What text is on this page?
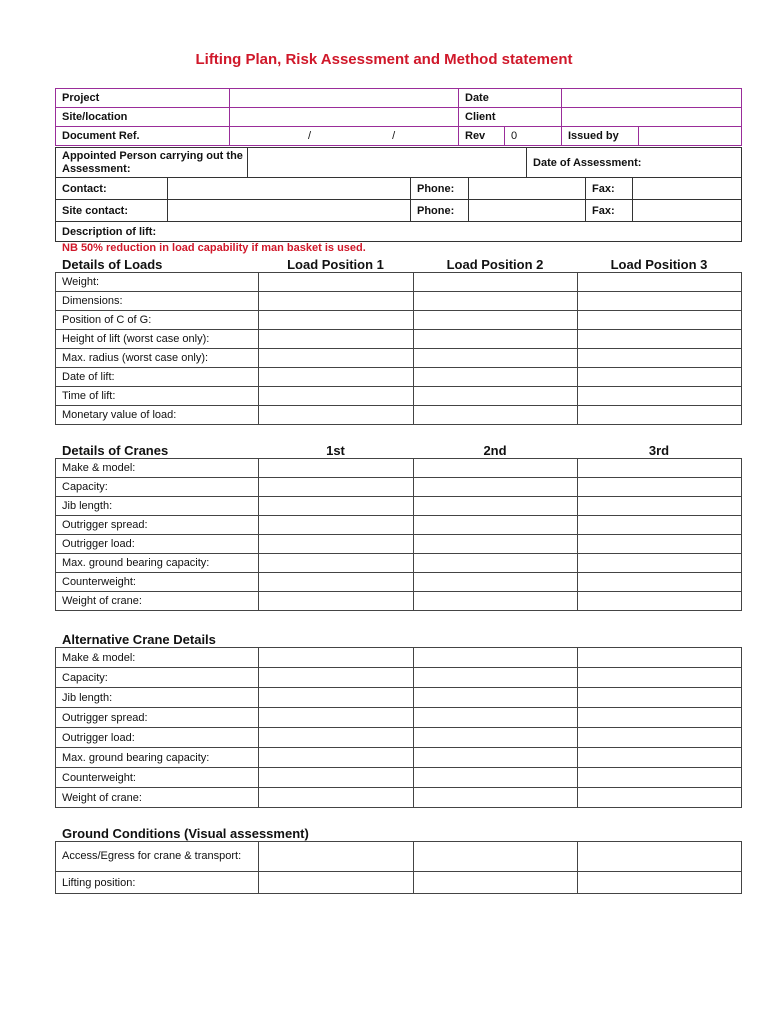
Lifting Plan, Risk Assessment and Method statement
Project		Date			
Site/location		Client			
Document Ref.	/ /	Rev	0	Issued by	
Appointed Person carrying out the Assessment:					Date of Assessment:		
Contact:			Phone:			Fax:	
Site contact:			Phone:			Fax:	
Description of lift:							
NB 50% reduction in load capability if man basket is used.
Details of Loads	Load Position 1	Load Position 2	Load Position 3
Weight:			
Dimensions:			
Position of C of G:			
Height of lift (worst case only):			
Max. radius (worst case only):			
Date of lift:			
Time of lift:			
Monetary value of load:			
Details of Cranes	1st	2nd	3rd
Make & model:			
Capacity:			
Jib length:			
Outrigger spread:			
Outrigger load:			
Max. ground bearing capacity:			
Counterweight:			
Weight of crane:			
Alternative Crane Details
Make & model:			
Capacity:			
Jib length:			
Outrigger spread:			
Outrigger load:			
Max. ground bearing capacity:			
Counterweight:			
Weight of crane:			
Ground Conditions (Visual assessment)
Access/Egress for crane & transport:			
Lifting position:			
